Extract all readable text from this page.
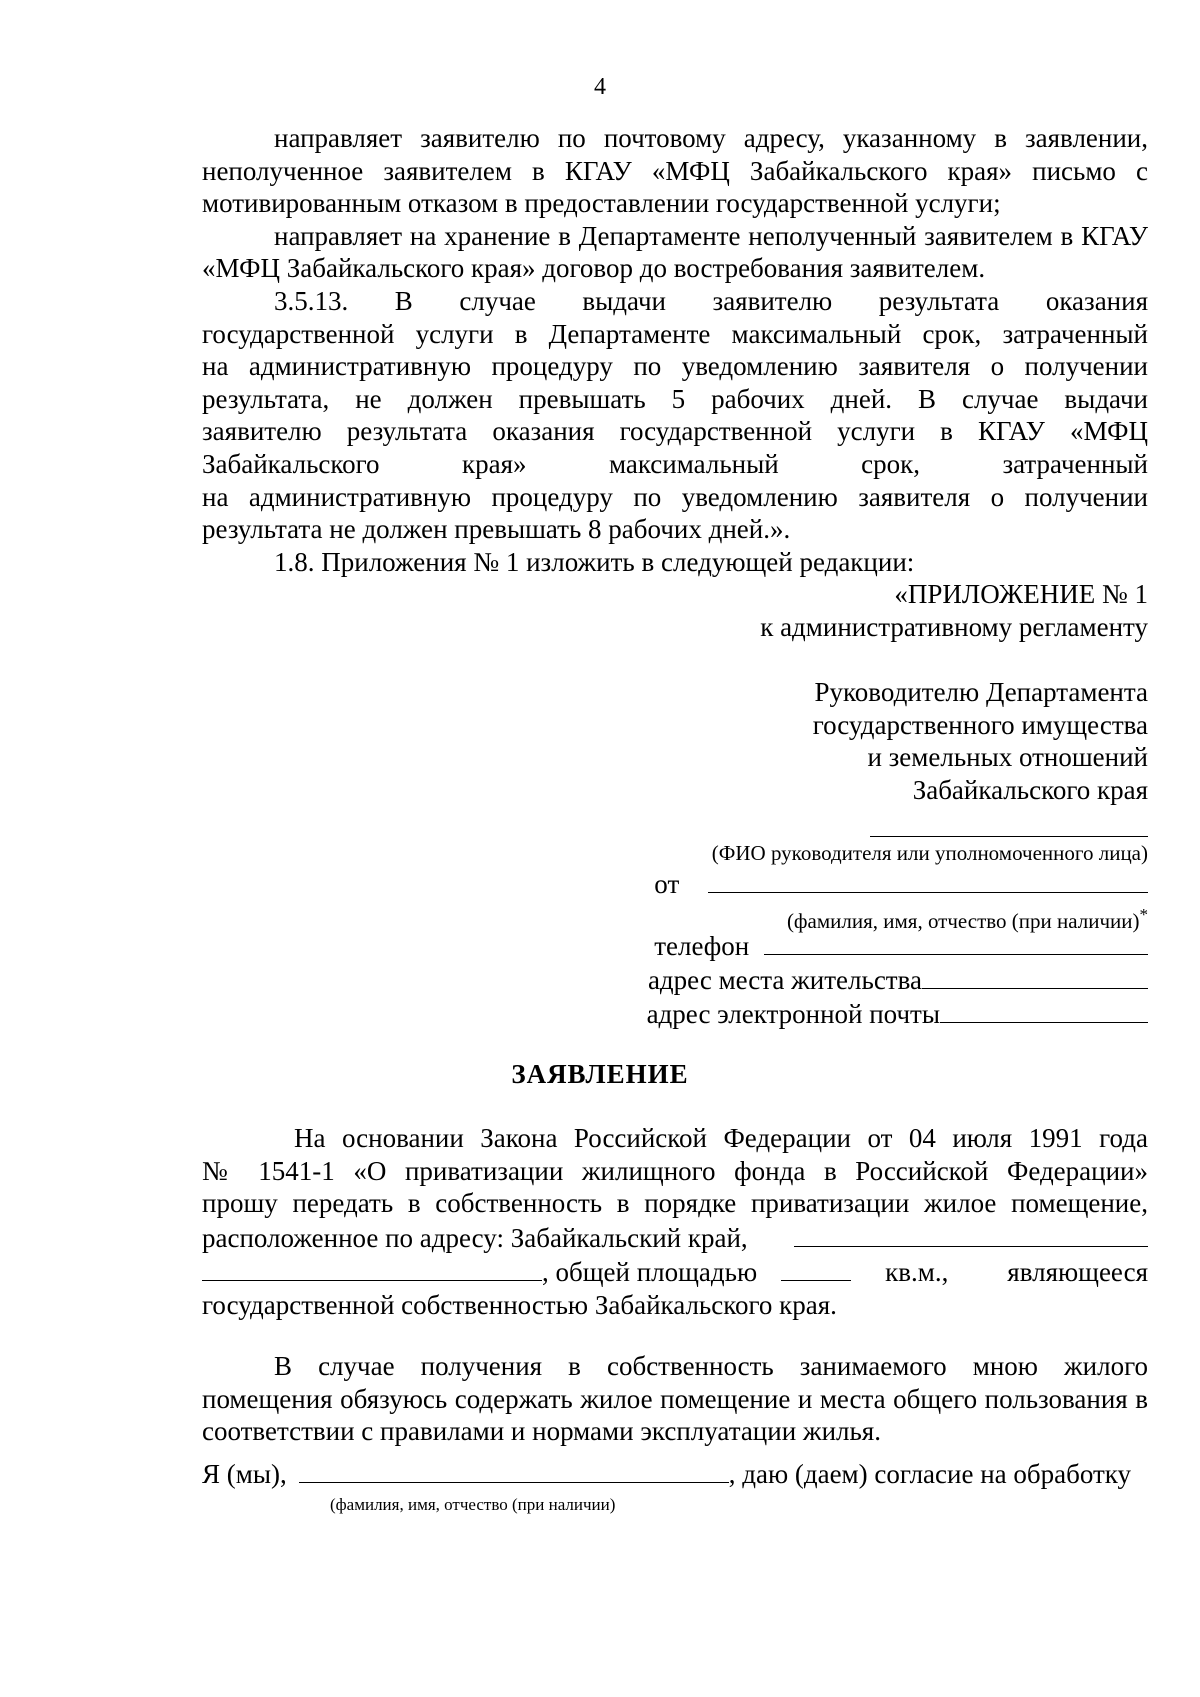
4

направляет заявителю по почтовому адресу, указанному в заявлении, неполученное заявителем в КГАУ «МФЦ Забайкальского края» письмо с мотивированным отказом в предоставлении государственной услуги;

направляет на хранение в Департаменте неполученный заявителем в КГАУ «МФЦ Забайкальского края» договор до востребования заявителем.

3.5.13. В случае выдачи заявителю результата оказания
государственной услуги в Департаменте максимальный срок, затраченный
на административную процедуру по уведомлению заявителя о получении
результата, не должен превышать 5 рабочих дней. В случае выдачи
заявителю результата оказания государственной услуги в КГАУ «МФЦ
Забайкальского края» максимальный срок, затраченный
на административную процедуру по уведомлению заявителя о получении
результата не должен превышать 8 рабочих дней.».
1.8. Приложения № 1 изложить в следующей редакции:
«ПРИЛОЖЕНИЕ № 1
к административному регламенту
Руководителю Департамента
государственного имущества
и земельных отношений
Забайкальского края
(ФИО руководителя или уполномоченного лица)
от
(фамилия, имя, отчество (при наличии)*
телефон
адрес места жительства
адрес электронной почты
ЗАЯВЛЕНИЕ
На основании Закона Российской Федерации от 04 июля 1991 года
№ 1541-1 «О приватизации жилищного фонда в Российской Федерации»
прошу передать в собственность в порядке приватизации жилое помещение,
расположенное по адресу: Забайкальский край,
, общей площадью	кв.м., являющееся
государственной собственностью Забайкальского края.
В случае получения в собственность занимаемого мною жилого помещения обязуюсь содержать жилое помещение и места общего пользования в соответствии с правилами и нормами эксплуатации жилья.
Я (мы),	, даю (даем) согласие на обработку
(фамилия, имя, отчество (при наличии)
